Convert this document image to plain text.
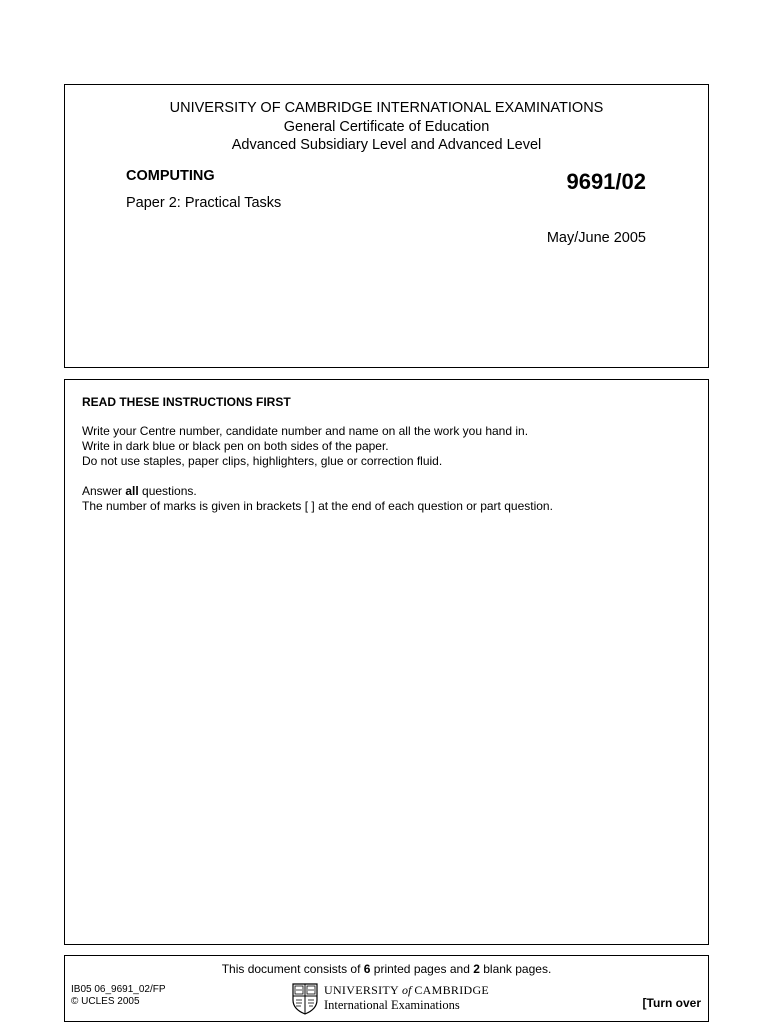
UNIVERSITY OF CAMBRIDGE INTERNATIONAL EXAMINATIONS
General Certificate of Education
Advanced Subsidiary Level and Advanced Level
COMPUTING	9691/02
Paper 2: Practical Tasks
May/June 2005
READ THESE INSTRUCTIONS FIRST
Write your Centre number, candidate number and name on all the work you hand in.
Write in dark blue or black pen on both sides of the paper.
Do not use staples, paper clips, highlighters, glue or correction fluid.
Answer all questions.
The number of marks is given in brackets [ ] at the end of each question or part question.
This document consists of 6 printed pages and 2 blank pages.
IB05 06_9691_02/FP
© UCLES 2005
UNIVERSITY of CAMBRIDGE
International Examinations	[Turn over
